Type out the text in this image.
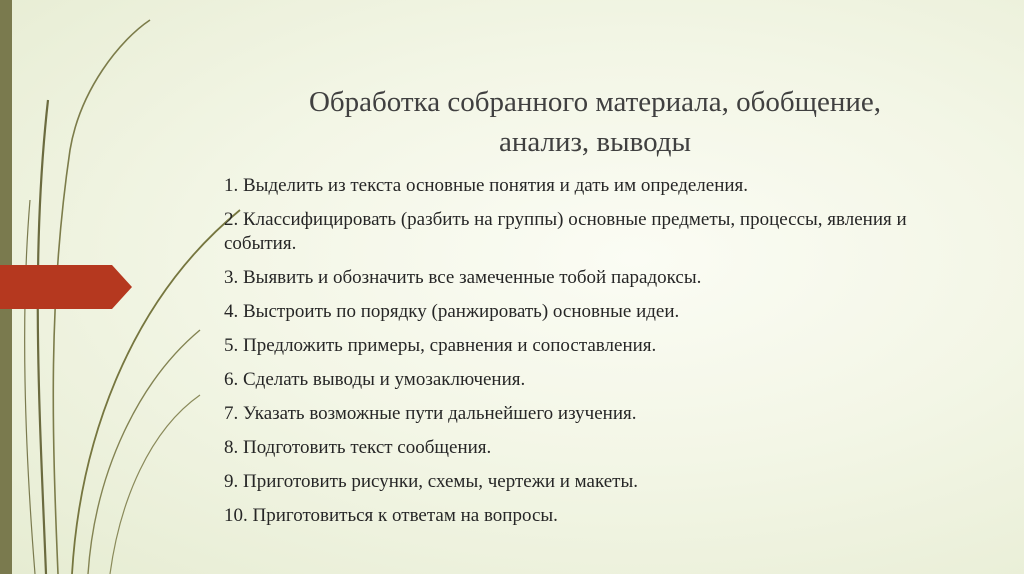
Обработка собранного материала, обобщение,
анализ, выводы
1. Выделить из текста основные понятия и дать им определения.
2. Классифицировать (разбить на группы) основные предметы, процессы, явления и события.
3. Выявить и обозначить все замеченные тобой парадоксы.
4. Выстроить по порядку (ранжировать) основные идеи.
5. Предложить примеры, сравнения и сопоставления.
6. Сделать выводы и умозаключения.
7. Указать возможные пути дальнейшего изучения.
8. Подготовить текст сообщения.
9. Приготовить рисунки, схемы, чертежи и макеты.
10. Приготовиться к ответам на вопросы.
